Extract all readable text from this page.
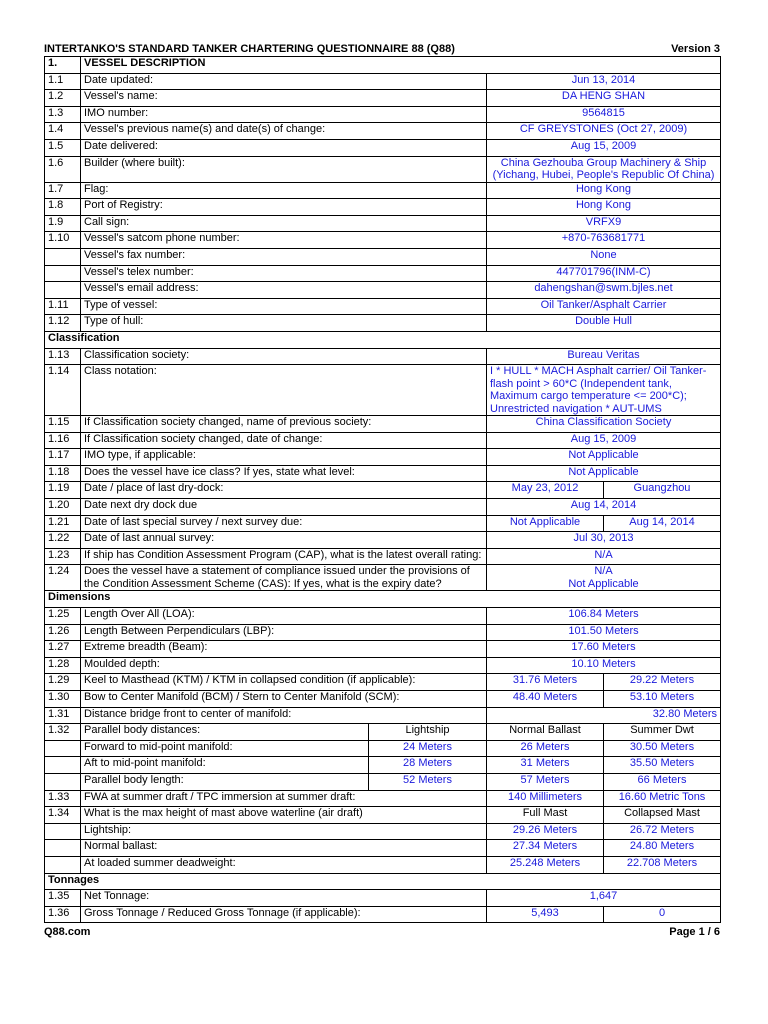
INTERTANKO'S STANDARD TANKER CHARTERING QUESTIONNAIRE 88 (Q88)	Version 3
1.	VESSEL DESCRIPTION			
1.1	Date updated:		Jun 13, 2014	
1.2	Vessel's name:		DA HENG SHAN	
1.3	IMO number:		9564815	
1.4	Vessel's previous name(s) and date(s) of change:		CF GREYSTONES (Oct 27, 2009)	
1.5	Date delivered:		Aug 15, 2009	
1.6	Builder (where built):		China Gezhouba Group Machinery & Ship (Yichang, Hubei, People's Republic Of China)	
1.7	Flag:		Hong Kong	
1.8	Port of Registry:		Hong Kong	
1.9	Call sign:		VRFX9	
1.10	Vessel's satcom phone number:		+870-763681771	
	Vessel's fax number:		None	
	Vessel's telex number:		447701796(INM-C)	
	Vessel's email address:		dahengshan@swm.bjles.net	
1.11	Type of vessel:		Oil Tanker/Asphalt Carrier	
1.12	Type of hull:		Double Hull	
Classification				
1.13	Classification society:		Bureau Veritas	
1.14	Class notation:		I * HULL * MACH Asphalt carrier/ Oil Tanker- flash point > 60*C (Independent tank, Maximum cargo temperature <= 200*C); Unrestricted navigation * AUT-UMS	
1.15	If Classification society changed, name of previous society:		China Classification Society	
1.16	If Classification society changed, date of change:		Aug 15, 2009	
1.17	IMO type, if applicable:		Not Applicable	
1.18	Does the vessel have ice class? If yes, state what level:		Not Applicable	
1.19	Date / place of last dry-dock:		May 23, 2012	Guangzhou
1.20	Date next dry dock due		Aug 14, 2014	
1.21	Date of last special survey / next survey due:		Not Applicable	Aug 14, 2014
1.22	Date of last annual survey:		Jul 30, 2013	
1.23	If ship has Condition Assessment Program (CAP), what is the latest overall rating:		N/A	
1.24	Does the vessel have a statement of compliance issued under the provisions of the Condition Assessment Scheme (CAS): If yes, what is the expiry date?		N/A
Not Applicable	
Dimensions				
1.25	Length Over All (LOA):		106.84 Meters	
1.26	Length Between Perpendiculars (LBP):		101.50 Meters	
1.27	Extreme breadth (Beam):		17.60 Meters	
1.28	Moulded depth:		10.10 Meters	
1.29	Keel to Masthead (KTM) / KTM in collapsed condition (if applicable):		31.76 Meters	29.22 Meters
1.30	Bow to Center Manifold (BCM) / Stern to Center Manifold (SCM):		48.40 Meters	53.10 Meters
1.31	Distance bridge front to center of manifold:		32.80 Meters	
1.32	Parallel body distances:	Lightship	Normal Ballast	Summer Dwt
	Forward to mid-point manifold:	24 Meters	26 Meters	30.50 Meters
	Aft to mid-point manifold:	28 Meters	31 Meters	35.50 Meters
	Parallel body length:	52 Meters	57 Meters	66 Meters
1.33	FWA at summer draft / TPC immersion at summer draft:		140 Millimeters	16.60 Metric Tons
1.34	What is the max height of mast above waterline (air draft)		Full Mast	Collapsed Mast
	Lightship:		29.26 Meters	26.72 Meters
	Normal ballast:		27.34 Meters	24.80 Meters
	At loaded summer deadweight:		25.248 Meters	22.708 Meters
Tonnages				
1.35	Net Tonnage:		1,647	
1.36	Gross Tonnage / Reduced Gross Tonnage (if applicable):		5,493	0
Q88.com	Page 1 / 6
